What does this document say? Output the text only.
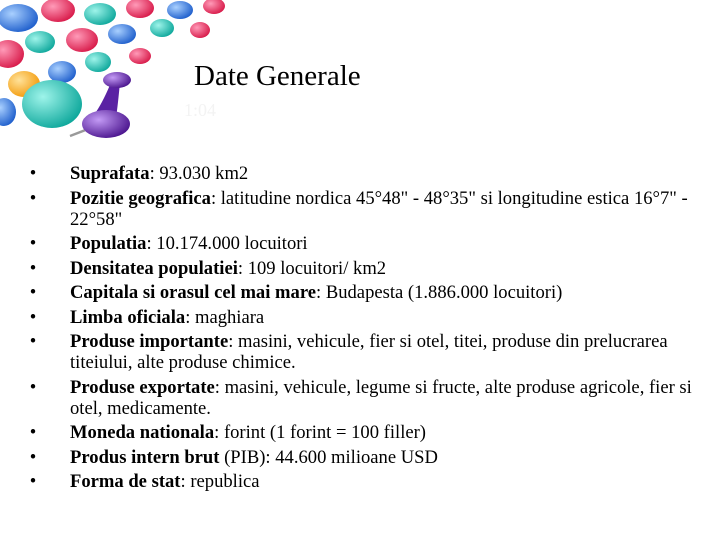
Date Generale
1:04
• Suprafata: 93.030 km2
• Pozitie geografica: latitudine nordica 45°48" - 48°35" si longitudine estica 16°7" - 22°58"
• Populatia: 10.174.000 locuitori
• Densitatea populatiei: 109 locuitori/ km2
• Capitala si orasul cel mai mare: Budapesta (1.886.000 locuitori)
• Limba oficiala: maghiara
• Produse importante: masini, vehicule, fier si otel, titei, produse din prelucrarea titeiului, alte produse chimice.
• Produse exportate: masini, vehicule, legume si fructe, alte produse agricole, fier si otel, medicamente.
• Moneda nationala: forint (1 forint = 100 filler)
• Produs intern brut (PIB): 44.600 milioane USD
• Forma de stat: republica
